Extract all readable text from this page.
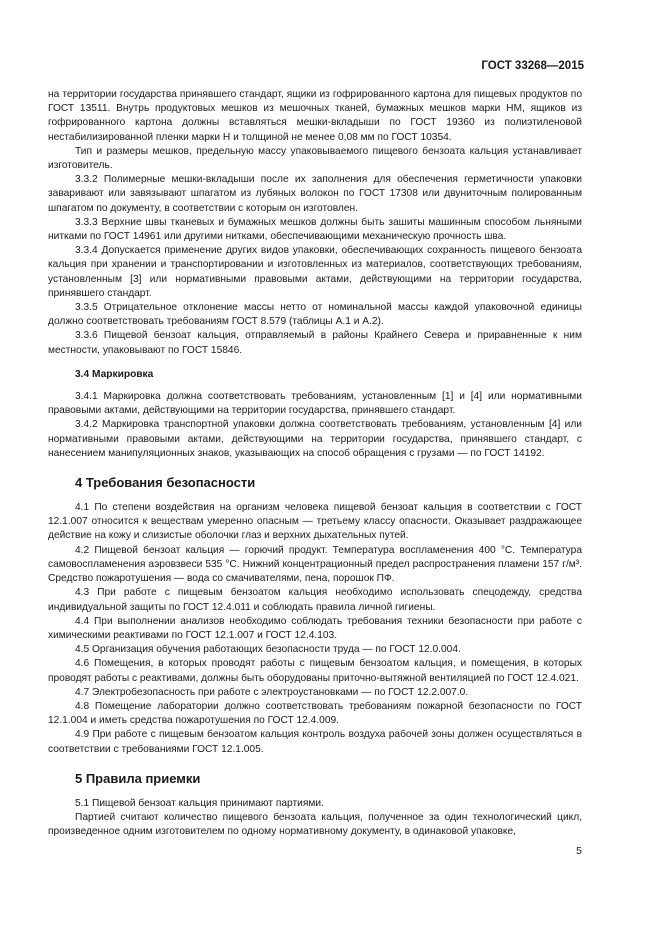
ГОСТ 33268—2015

на территории государства принявшего стандарт, ящики из гофрированного картона для пищевых продуктов по ГОСТ 13511. Внутрь продуктовых мешков из мешочных тканей, бумажных мешков марки НМ, ящиков из гофрированного картона должны вставляться мешки-вкладыши по ГОСТ 19360 из полиэтиленовой нестабилизированной пленки марки Н и толщиной не менее 0,08 мм по ГОСТ 10354.

Тип и размеры мешков, предельную массу упаковываемого пищевого бензоата кальция устанавливает изготовитель.

3.3.2 Полимерные мешки-вкладыши после их заполнения для обеспечения герметичности упаковки заваривают или завязывают шпагатом из лубяных волокон по ГОСТ 17308 или двуниточным полированным шпагатом по документу, в соответствии с которым он изготовлен.

3.3.3 Верхние швы тканевых и бумажных мешков должны быть зашиты машинным способом льняными нитками по ГОСТ 14961 или другими нитками, обеспечивающими механическую прочность шва.

3.3.4 Допускается применение других видов упаковки, обеспечивающих сохранность пищевого бензоата кальция при хранении и транспортировании и изготовленных из материалов, соответствующих требованиям, установленным [3] или нормативными правовыми актами, действующими на территории государства, принявшего стандарт.

3.3.5 Отрицательное отклонение массы нетто от номинальной массы каждой упаковочной единицы должно соответствовать требованиям ГОСТ 8.579 (таблицы А.1 и А.2).

3.3.6 Пищевой бензоат кальция, отправляемый в районы Крайнего Севера и приравненные к ним местности, упаковывают по ГОСТ 15846.

3.4 Маркировка

3.4.1 Маркировка должна соответствовать требованиям, установленным [1] и [4] или нормативными правовыми актами, действующими на территории государства, принявшего стандарт.

3.4.2 Маркировка транспортной упаковки должна соответствовать требованиям, установленным [4] или нормативными правовыми актами, действующими на территории государства, принявшего стандарт, с нанесением манипуляционных знаков, указывающих на способ обращения с грузами — по ГОСТ 14192.

4 Требования безопасности

4.1 По степени воздействия на организм человека пищевой бензоат кальция в соответствии с ГОСТ 12.1.007 относится к веществам умеренно опасным — третьему классу опасности. Оказывает раздражающее действие на кожу и слизистые оболочки глаз и верхних дыхательных путей.

4.2 Пищевой бензоат кальция — горючий продукт. Температура воспламенения 400 °С. Температура самовоспламенения аэровзвеси 535 °С. Нижний концентрационный предел распространения пламени 157 г/м³. Средство пожаротушения — вода со смачивателями, пена, порошок ПФ.

4.3 При работе с пищевым бензоатом кальция необходимо использовать спецодежду, средства индивидуальной защиты по ГОСТ 12.4.011 и соблюдать правила личной гигиены.

4.4 При выполнении анализов необходимо соблюдать требования техники безопасности при работе с химическими реактивами по ГОСТ 12.1.007 и ГОСТ 12.4.103.

4.5 Организация обучения работающих безопасности труда — по ГОСТ 12.0.004.

4.6 Помещения, в которых проводят работы с пищевым бензоатом кальция, и помещения, в которых проводят работы с реактивами, должны быть оборудованы приточно-вытяжной вентиляцией по ГОСТ 12.4.021.

4.7 Электробезопасность при работе с электроустановками — по ГОСТ 12.2.007.0.

4.8 Помещение лаборатории должно соответствовать требованиям пожарной безопасности по ГОСТ 12.1.004 и иметь средства пожаротушения по ГОСТ 12.4.009.

4.9 При работе с пищевым бензоатом кальция контроль воздуха рабочей зоны должен осуществляться в соответствии с требованиями ГОСТ 12.1.005.

5 Правила приемки

5.1 Пищевой бензоат кальция принимают партиями.

Партией считают количество пищевого бензоата кальция, полученное за один технологический цикл, произведенное одним изготовителем по одному нормативному документу, в одинаковой упаковке,

5
